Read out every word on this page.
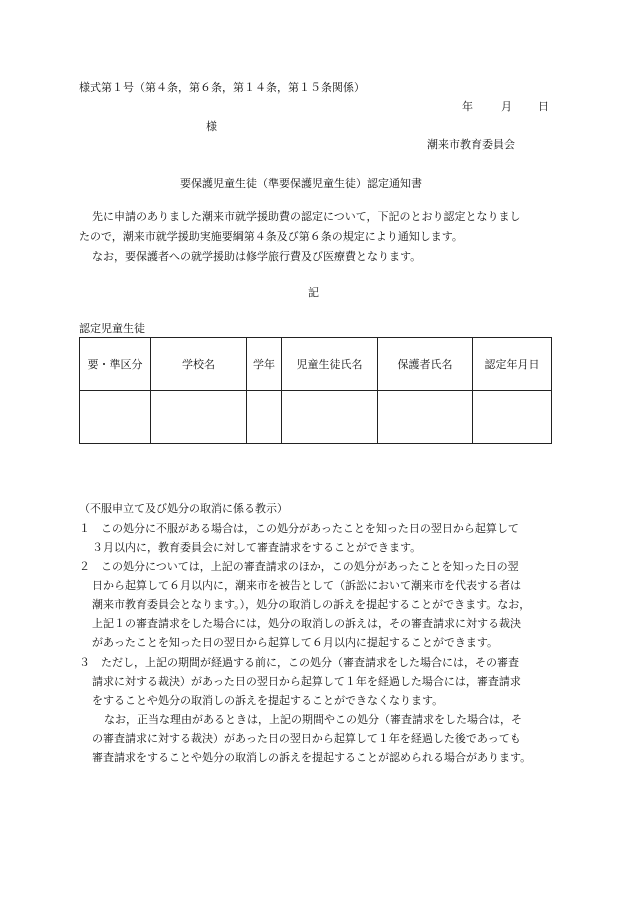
様式第１号（第４条，第６条，第１４条，第１５条関係）
年	月 日
様
潮来市教育委員会
要保護児童生徒（準要保護児童生徒）認定通知書
先に申請のありました潮来市就学援助費の認定について，下記のとおり認定となりまし
たので，潮来市就学援助実施要綱第４条及び第６条の規定により通知します。
なお，要保護者への就学援助は修学旅行費及び医療費となります。
記
認定児童生徒
要・準区分	学校名	学年	児童生徒氏名	保護者氏名	認定年月日

（不服申立て及び処分の取消に係る教示）
１　この処分に不服がある場合は，この処分があったことを知った日の翌日から起算して
３月以内に，教育委員会に対して審査請求をすることができます。
２　この処分については，上記の審査請求のほか，この処分があったことを知った日の翌
日から起算して６月以内に，潮来市を被告として（訴訟において潮来市を代表する者は
潮来市教育委員会となります。），処分の取消しの訴えを提起することができます。なお，
上記１の審査請求をした場合には，処分の取消しの訴えは，その審査請求に対する裁決
があったことを知った日の翌日から起算して６月以内に提起することができます。
３　ただし，上記の期間が経過する前に，この処分（審査請求をした場合には，その審査
請求に対する裁決）があった日の翌日から起算して１年を経過した場合には，審査請求
をすることや処分の取消しの訴えを提起することができなくなります。
なお，正当な理由があるときは，上記の期間やこの処分（審査請求をした場合は，そ
の審査請求に対する裁決）があった日の翌日から起算して１年を経過した後であっても
審査請求をすることや処分の取消しの訴えを提起することが認められる場合があります。
